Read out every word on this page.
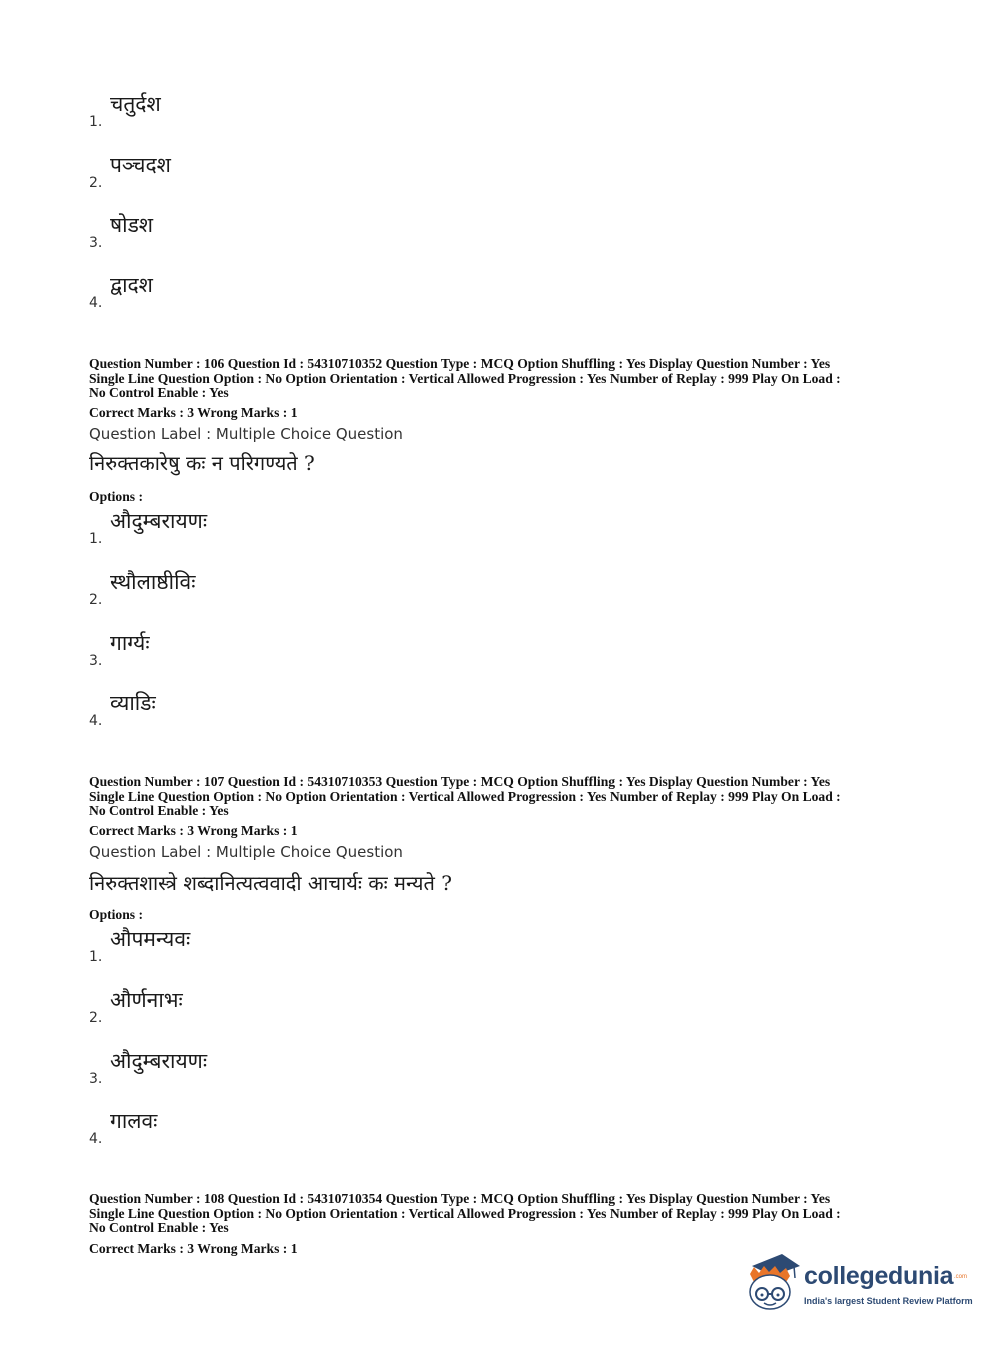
1.
चतुर्दश
2.
पञ्चदश
3.
षोडश
4.
द्वादश

Question Number : 106 Question Id : 54310710352 Question Type : MCQ Option Shuffling : Yes Display Question Number : Yes

Single Line Question Option : No Option Orientation : Vertical Allowed Progression : Yes Number of Replay : 999 Play On Load :

No Control Enable : Yes

Correct Marks : 3 Wrong Marks : 1
Question Label : Multiple Choice Question
निरुक्तकारेषु कः न परिगण्यते ?
Options :
1.
औदुम्बरायणः
2.
स्थौलाष्ठीविः
3.
गार्ग्यः
4.
व्याडिः

Question Number : 107 Question Id : 54310710353 Question Type : MCQ Option Shuffling : Yes Display Question Number : Yes

Single Line Question Option : No Option Orientation : Vertical Allowed Progression : Yes Number of Replay : 999 Play On Load :

No Control Enable : Yes

Correct Marks : 3 Wrong Marks : 1
Question Label : Multiple Choice Question
निरुक्तशास्त्रे शब्दानित्यत्ववादी आचार्यः कः मन्यते ?
Options :
1.
औपमन्यवः
2.
और्णनाभः
3.
औदुम्बरायणः
4.
गालवः

Question Number : 108 Question Id : 54310710354 Question Type : MCQ Option Shuffling : Yes Display Question Number : Yes

Single Line Question Option : No Option Orientation : Vertical Allowed Progression : Yes Number of Replay : 999 Play On Load :

No Control Enable : Yes

Correct Marks : 3 Wrong Marks : 1
collegedunia .com
India's largest Student Review Platform
